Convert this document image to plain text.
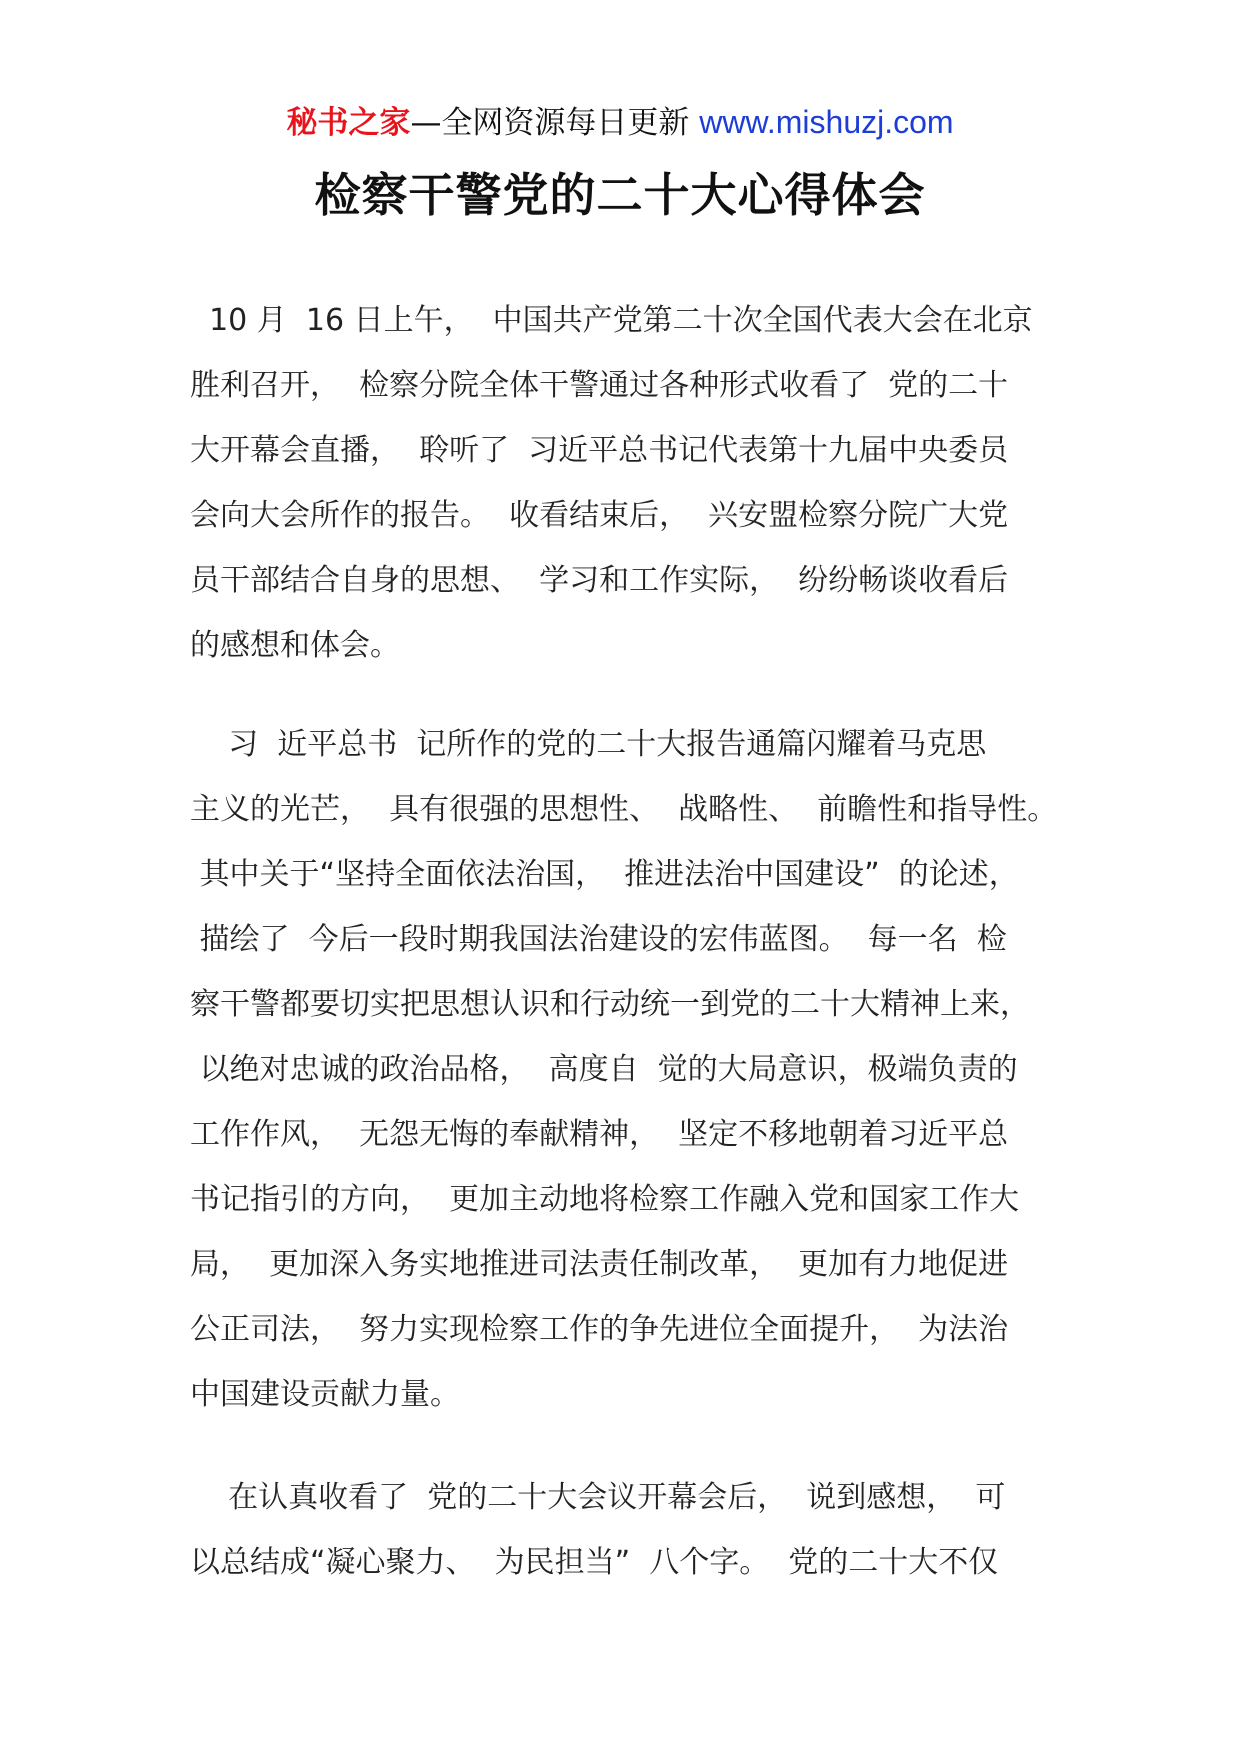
秘书之家—全网资源每日更新 www.mishuzj.com
检察干警党的二十大心得体会
10 月  16 日上午，  中国共产党第二十次全国代表大会在北京
胜利召开，  检察分院全体干警通过各种形式收看了  党的二十
大开幕会直播，  聆听了  习近平总书记代表第十九届中央委员
会向大会所作的报告。  收看结束后，  兴安盟检察分院广大党
员干部结合自身的思想、  学习和工作实际，  纷纷畅谈收看后
的感想和体会。
习  近平总书  记所作的党的二十大报告通篇闪耀着马克思
主义的光芒，  具有很强的思想性、  战略性、  前瞻性和指导性。
其中关于“坚持全面依法治国，  推进法治中国建设”  的论述，
描绘了  今后一段时期我国法治建设的宏伟蓝图。  每一名  检
察干警都要切实把思想认识和行动统一到党的二十大精神上来，
以绝对忠诚的政治品格，  高度自  觉的大局意识，极端负责的
工作作风，  无怨无悔的奉献精神，  坚定不移地朝着习近平总
书记指引的方向，  更加主动地将检察工作融入党和国家工作大
局，  更加深入务实地推进司法责任制改革，  更加有力地促进
公正司法，  努力实现检察工作的争先进位全面提升，  为法治
中国建设贡献力量。
在认真收看了  党的二十大会议开幕会后，  说到感想，  可
以总结成“凝心聚力、  为民担当”  八个字。  党的二十大不仅
